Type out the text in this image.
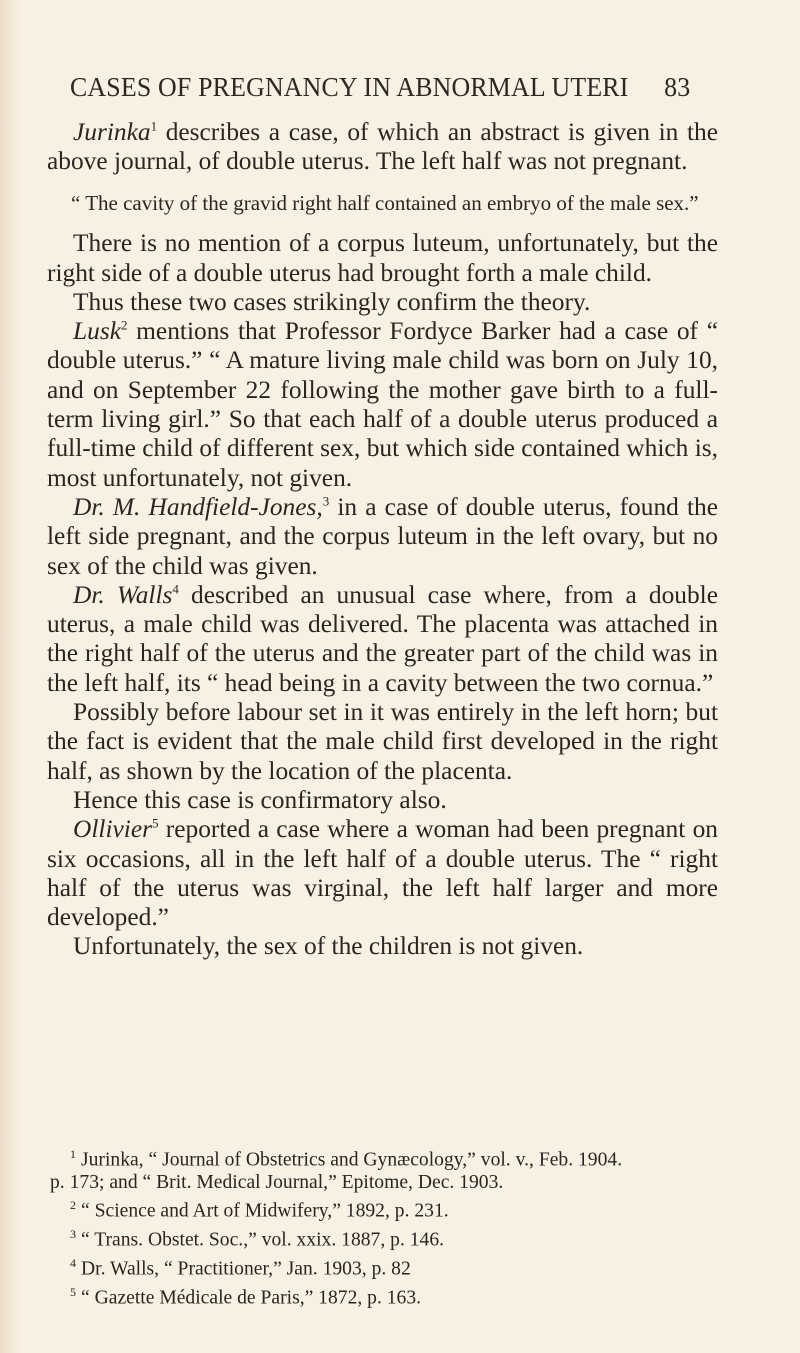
CASES OF PREGNANCY IN ABNORMAL UTERI 83

Jurinka$^1$ describes a case, of which an abstract is given in the above journal, of double uterus. The left half was not pregnant.

“ The cavity of the gravid right half contained an embryo of the male sex.”

There is no mention of a corpus luteum, unfortunately, but the right side of a double uterus had brought forth a male child.

Thus these two cases strikingly confirm the theory.

Lusk$^2$ mentions that Professor Fordyce Barker had a case of “ double uterus.” “ A mature living male child was born on July 10, and on September 22 following the mother gave birth to a full-term living girl.” So that each half of a double uterus produced a full-time child of different sex, but which side contained which is, most unfortunately, not given.

Dr. M. Handfield-Jones,$^3$ in a case of double uterus, found the left side pregnant, and the corpus luteum in the left ovary, but no sex of the child was given.

Dr. Walls$^4$ described an unusual case where, from a double uterus, a male child was delivered. The placenta was attached in the right half of the uterus and the greater part of the child was in the left half, its “ head being in a cavity between the two cornua.”

Possibly before labour set in it was entirely in the left horn; but the fact is evident that the male child first developed in the right half, as shown by the location of the placenta.

Hence this case is confirmatory also.

Ollivier$^5$ reported a case where a woman had been pregnant on six occasions, all in the left half of a double uterus. The “ right half of the uterus was virginal, the left half larger and more developed.”

Unfortunately, the sex of the children is not given.

$^1$ Jurinka, “ Journal of Obstetrics and Gynæcology,” vol. v., Feb. 1904.

p. 173; and “ Brit. Medical Journal,” Epitome, Dec. 1903.

$^2$ “ Science and Art of Midwifery,” 1892, p. 231.

$^3$ “ Trans. Obstet. Soc.,” vol. xxix. 1887, p. 146.

$^4$ Dr. Walls, “ Practitioner,” Jan. 1903, p. 82

$^5$ “ Gazette Médicale de Paris,” 1872, p. 163.
